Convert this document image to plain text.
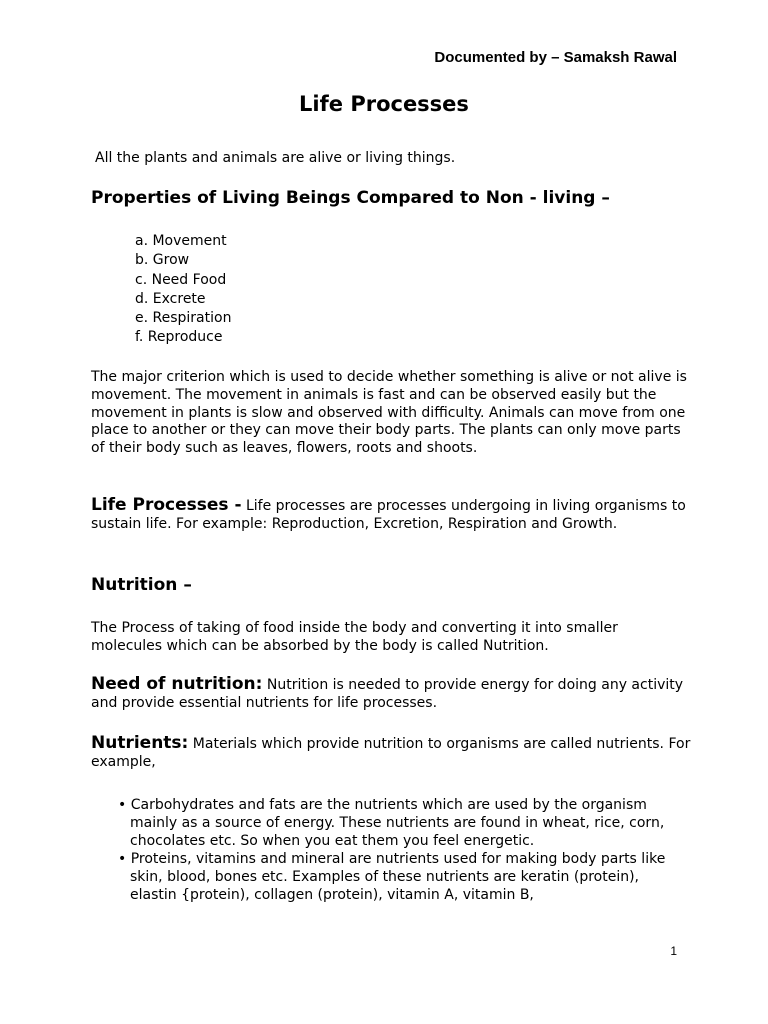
Documented by – Samaksh Rawal
Life Processes
All the plants and animals are alive or living things.
Properties of Living Beings Compared to Non - living –
a. Movement
b. Grow
c. Need Food
d. Excrete
e. Respiration
f. Reproduce

The major criterion which is used to decide whether something is alive or not alive is movement. The movement in animals is fast and can be observed easily but the movement in plants is slow and observed with difficulty. Animals can move from one place to another or they can move their body parts. The plants can only move parts of their body such as leaves, flowers, roots and shoots.

Life Processes - Life processes are processes undergoing in living organisms to sustain life. For example: Reproduction, Excretion, Respiration and Growth.

Nutrition –

The Process of taking of food inside the body and converting it into smaller molecules which can be absorbed by the body is called Nutrition.

Need of nutrition: Nutrition is needed to provide energy for doing any activity and provide essential nutrients for life processes.

Nutrients: Materials which provide nutrition to organisms are called nutrients. For example,

• Carbohydrates and fats are the nutrients which are used by the organism mainly as a source of energy. These nutrients are found in wheat, rice, corn, chocolates etc. So when you eat them you feel energetic.
• Proteins, vitamins and mineral are nutrients used for making body parts like skin, blood, bones etc. Examples of these nutrients are keratin (protein), elastin {protein), collagen (protein), vitamin A, vitamin B,
1
